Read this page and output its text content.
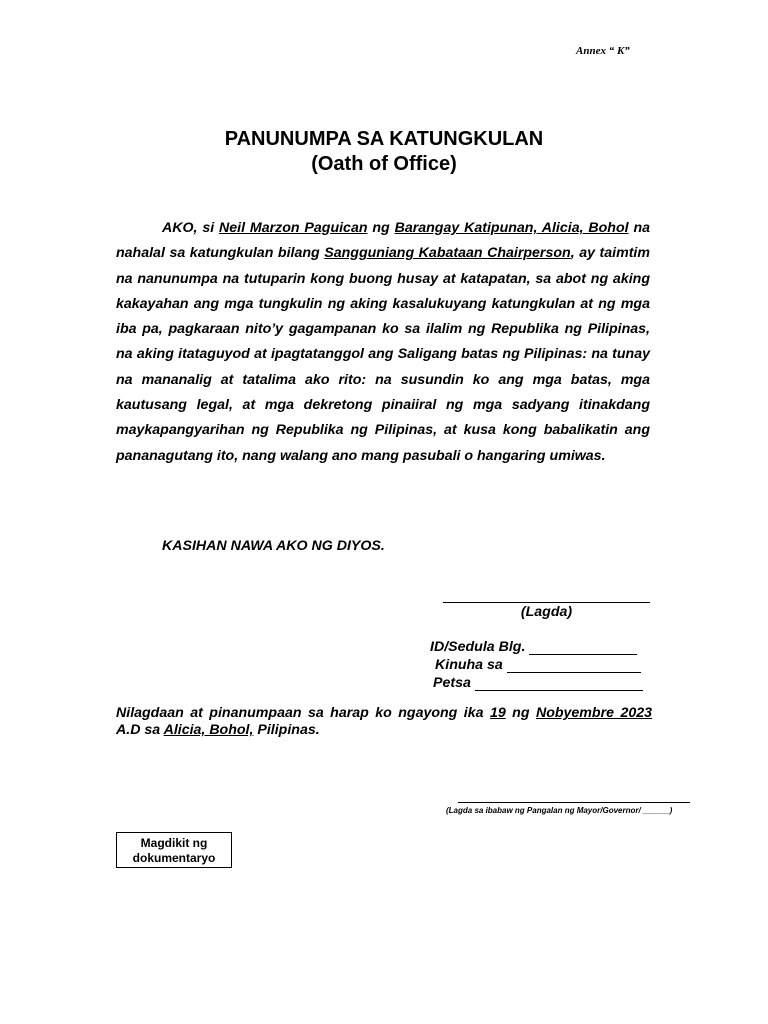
Annex “ K”
PANUNUMPA SA KATUNGKULAN
(Oath of Office)
AKO, si Neil Marzon Paguican ng Barangay Katipunan, Alicia, Bohol na nahalal sa katungkulan bilang Sangguniang Kabataan Chairperson, ay taimtim na nanunumpa na tutuparin kong buong husay at katapatan, sa abot ng aking kakayahan ang mga tungkulin ng aking kasalukuyang katungkulan at ng mga iba pa, pagkaraan nito’y gagampanan ko sa ilalim ng Republika ng Pilipinas, na aking itataguyod at ipagtatanggol ang Saligang batas ng Pilipinas: na tunay na mananalig at tatalima ako rito: na susundin ko ang mga batas, mga kautusang legal, at mga dekretong pinaiiral ng mga sadyang itinakdang maykapangyarihan ng Republika ng Pilipinas, at kusa kong babalikatin ang pananagutang ito, nang walang ano mang pasubali o hangaring umiwas.
KASIHAN NAWA AKO NG DIYOS.
(Lagda)
ID/Sedula Blg.
Kinuha sa
Petsa
Nilagdaan at pinanumpaan sa harap ko ngayong ika 19 ng Nobyembre 2023 A.D sa Alicia, Bohol, Pilipinas.
(Lagda sa ibabaw ng Pangalan ng Mayor/Governor/ ______)
Magdikit ng
dokumentaryo
